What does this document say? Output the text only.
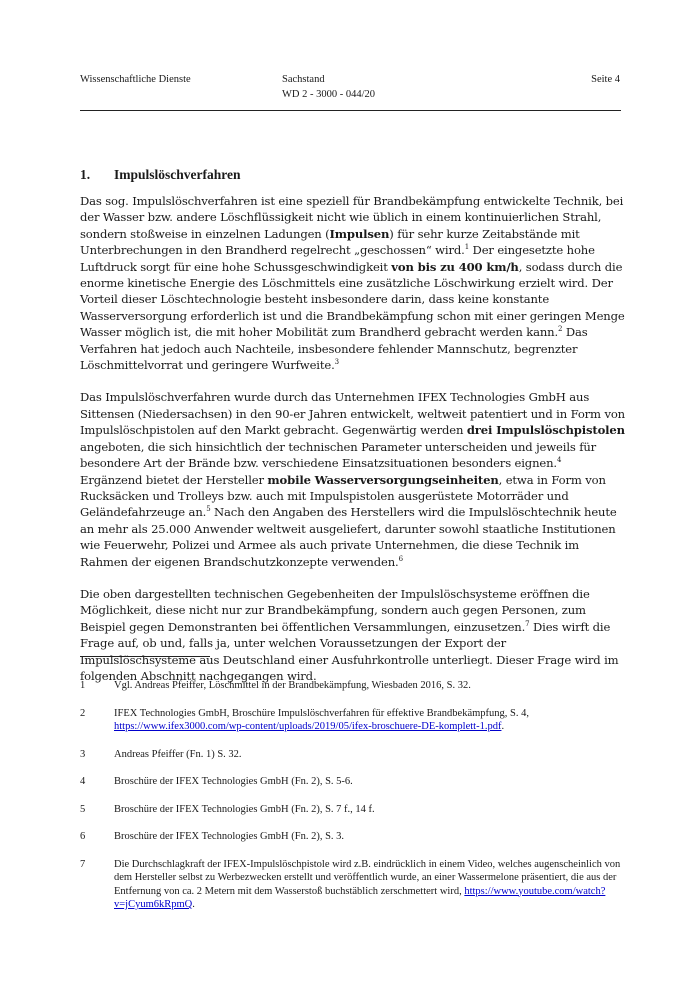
Wissenschaftliche Dienste	Sachstand
WD 2 - 3000 - 044/20
Seite 4
1. Impulslöschverfahren

Das sog. Impulslöschverfahren ist eine speziell für Brandbekämpfung entwickelte Technik, bei der Wasser bzw. andere Löschflüssigkeit nicht wie üblich in einem kontinuierlichen Strahl, sondern stoßweise in einzelnen Ladungen (Impulsen) für sehr kurze Zeitabstände mit Unterbrechungen in den Brandherd regelrecht „geschossen“ wird.$^1$ Der eingesetzte hohe Luftdruck sorgt für eine hohe Schussgeschwindigkeit von bis zu 400 km/h, sodass durch die enorme kinetische Energie des Löschmittels eine zusätzliche Löschwirkung erzielt wird. Der Vorteil dieser Löschtechnologie besteht insbesondere darin, dass keine konstante Wasserversorgung erforderlich ist und die Brandbekämpfung schon mit einer geringen Menge Wasser möglich ist, die mit hoher Mobilität zum Brandherd gebracht werden kann.$^2$ Das Verfahren hat jedoch auch Nachteile, insbesondere fehlender Mannschutz, begrenzter Löschmittelvorrat und geringere Wurfweite.$^3$

Das Impulslöschverfahren wurde durch das Unternehmen IFEX Technologies GmbH aus Sittensen (Niedersachsen) in den 90-er Jahren entwickelt, weltweit patentiert und in Form von Impulslöschpistolen auf den Markt gebracht. Gegenwärtig werden drei Impulslöschpistolen angeboten, die sich hinsichtlich der technischen Parameter unterscheiden und jeweils für besondere Art der Brände bzw. verschiedene Einsatzsituationen besonders eignen.$^4$ Ergänzend bietet der Hersteller mobile Wasserversorgungseinheiten, etwa in Form von Rucksäcken und Trolleys bzw. auch mit Impulspistolen ausgerüstete Motorräder und Geländefahrzeuge an.$^5$ Nach den Angaben des Herstellers wird die Impulslöschtechnik heute an mehr als 25.000 Anwender weltweit ausgeliefert, darunter sowohl staatliche Institutionen wie Feuerwehr, Polizei und Armee als auch private Unternehmen, die diese Technik im Rahmen der eigenen Brandschutzkonzepte verwenden.$^6$

Die oben dargestellten technischen Gegebenheiten der Impulslöschsysteme eröffnen die Möglichkeit, diese nicht nur zur Brandbekämpfung, sondern auch gegen Personen, zum Beispiel gegen Demonstranten bei öffentlichen Versammlungen, einzusetzen.$^7$ Dies wirft die Frage auf, ob und, falls ja, unter welchen Voraussetzungen der Export der Impulslöschsysteme aus Deutschland einer Ausfuhrkontrolle unterliegt. Dieser Frage wird im folgenden Abschnitt nachgegangen wird.

1	Vgl. Andreas Pfeiffer, Löschmittel in der Brandbekämpfung, Wiesbaden 2016, S. 32.
2	IFEX Technologies GmbH, Broschüre Impulslöschverfahren für effektive Brandbekämpfung, S. 4, https://www.ifex3000.com/wp-content/uploads/2019/05/ifex-broschuere-DE-komplett-1.pdf.
3	Andreas Pfeiffer (Fn. 1) S. 32.
4	Broschüre der IFEX Technologies GmbH (Fn. 2), S. 5-6.
5	Broschüre der IFEX Technologies GmbH (Fn. 2), S. 7 f., 14 f.
6	Broschüre der IFEX Technologies GmbH (Fn. 2), S. 3.
7	Die Durchschlagkraft der IFEX-Impulslöschpistole wird z.B. eindrücklich in einem Video, welches augenscheinlich von dem Hersteller selbst zu Werbezwecken erstellt und veröffentlich wurde, an einer Wassermelone präsentiert, die aus der Entfernung von ca. 2 Metern mit dem Wasserstoß buchstäblich zerschmettert wird, https://www.youtube.com/watch?v=jCyum6kRpmQ.
